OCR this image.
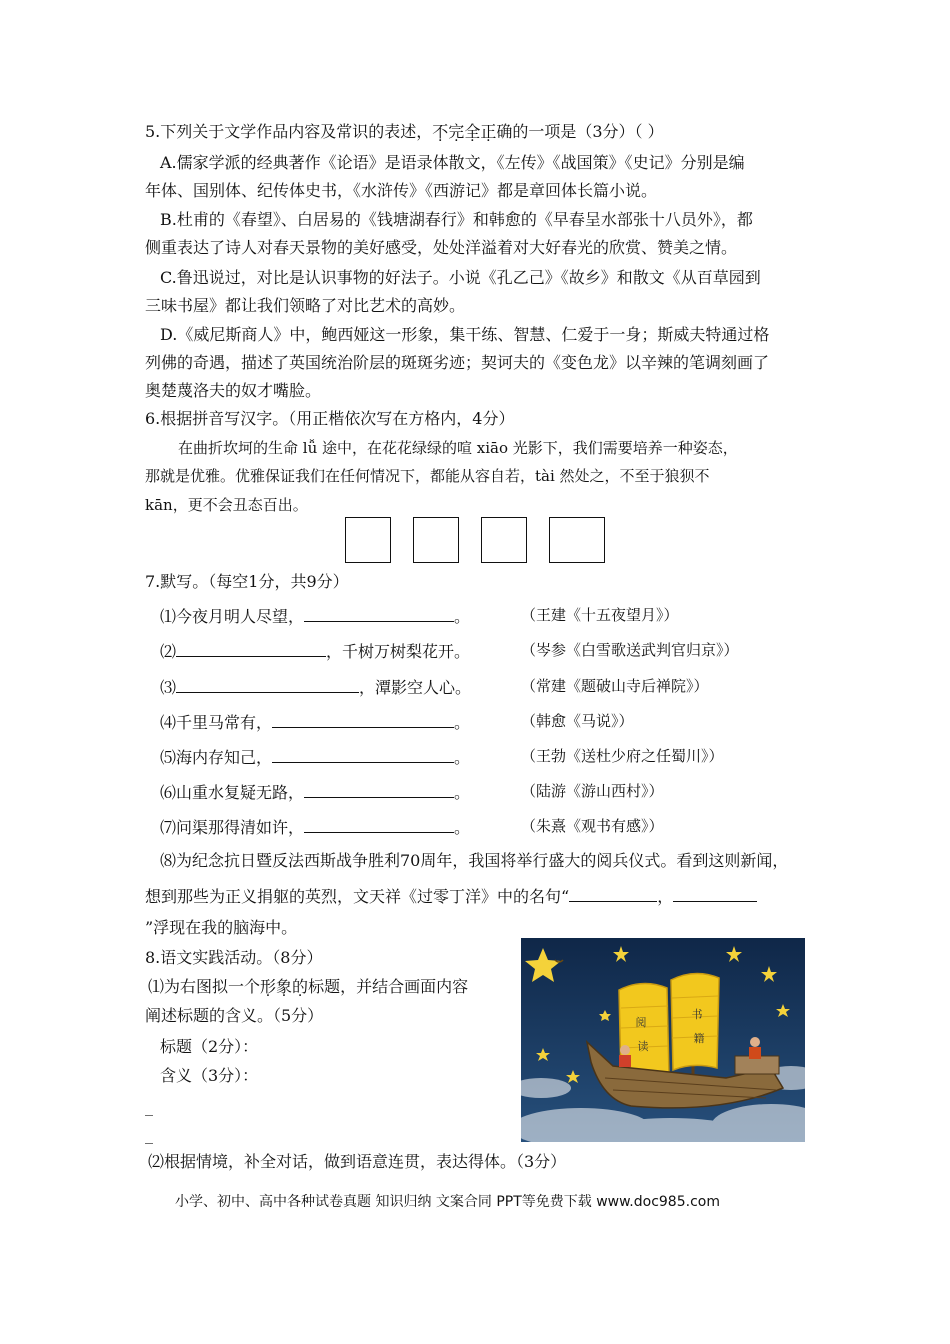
5.下列关于文学作品内容及常识的表述，不完全正确的一项是（3分）（ ）
A.儒家学派的经典著作《论语》是语录体散文，《左传》《战国策》《史记》分别是编
年体、国别体、纪传体史书，《水浒传》《西游记》都是章回体长篇小说。
B.杜甫的《春望》、白居易的《钱塘湖春行》和韩愈的《早春呈水部张十八员外》，都
侧重表达了诗人对春天景物的美好感受，处处洋溢着对大好春光的欣赏、赞美之情。
C.鲁迅说过，对比是认识事物的好法子。小说《孔乙己》《故乡》和散文《从百草园到
三味书屋》都让我们领略了对比艺术的高妙。
D.《威尼斯商人》中，鲍西娅这一形象，集干练、智慧、仁爱于一身；斯威夫特通过格
列佛的奇遇，描述了英国统治阶层的斑斑劣迹；契诃夫的《变色龙》以辛辣的笔调刻画了
奥楚蔑洛夫的奴才嘴脸。
6.根据拼音写汉字。（用正楷依次写在方格内，4分）
在曲折坎坷的生命 lǚ 途中，在花花绿绿的喧 xiāo 光影下，我们需要培养一种姿态，
那就是优雅。优雅保证我们在任何情况下，都能从容自若，tài 然处之，不至于狼狈不
kān，更不会丑态百出。
7.默写。（每空1分，共9分）
⑴今夜月明人尽望，	。	（王建《十五夜望月》）
⑵	，千树万树梨花开。	（岑参《白雪歌送武判官归京》）
⑶	，潭影空人心。	（常建《题破山寺后禅院》）
⑷千里马常有，	。	（韩愈《马说》）
⑸海内存知己，	。	（王勃《送杜少府之任蜀川》）
⑹山重水复疑无路，	。	（陆游《游山西村》）
⑺问渠那得清如许，	。	（朱熹《观书有感》）
⑻为纪念抗日暨反法西斯战争胜利70周年，我国将举行盛大的阅兵仪式。看到这则新闻，
想到那些为正义捐躯的英烈，文天祥《过零丁洋》中的名句“	，
”浮现在我的脑海中。
8.语文实践活动。（8分）
⑴为右图拟一个形象的标题，并结合画面内容
阐述标题的含义。（5分）
标题（2分）：
含义（3分）：
_
_
⑵根据情境，补全对话，做到语意连贯，表达得体。（3分）
阅
读
书
籍
小学、初中、高中各种试卷真题 知识归纳 文案合同 PPT等免费下载 www.doc985.com
